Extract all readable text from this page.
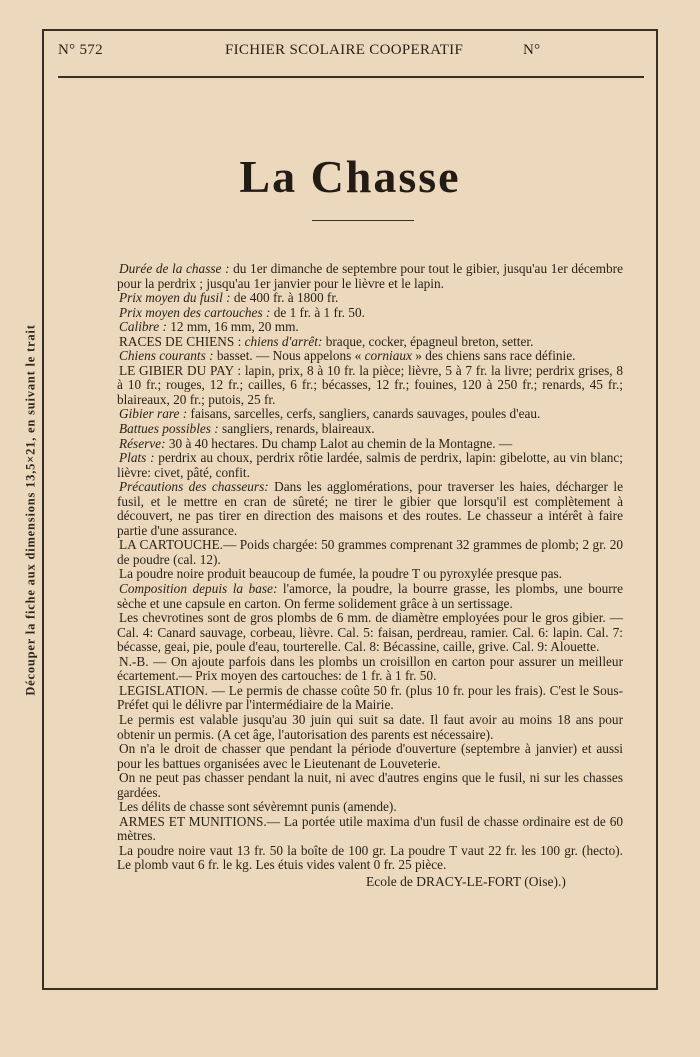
N° 572	FICHIER SCOLAIRE COOPERATIF	N°
La Chasse
Découper la fiche aux dimensions 13,5×21, en suivant le trait

Durée de la chasse : du 1er dimanche de septembre pour tout le gibier, jusqu'au 1er décembre pour la perdrix ; jusqu'au 1er janvier pour le lièvre et le lapin.

Prix moyen du fusil : de 400 fr. à 1800 fr.

Prix moyen des cartouches : de 1 fr. à 1 fr. 50.

Calibre : 12 mm, 16 mm, 20 mm.

RACES DE CHIENS : chiens d'arrêt: braque, cocker, épagneul breton, setter.

Chiens courants : basset. — Nous appelons « corniaux » des chiens sans race définie.

LE GIBIER DU PAY : lapin, prix, 8 à 10 fr. la pièce; lièvre, 5 à 7 fr. la livre; perdrix grises, 8 à 10 fr.; rouges, 12 fr.; cailles, 6 fr.; bécasses, 12 fr.; fouines, 120 à 250 fr.; renards, 45 fr.; blaireaux, 20 fr.; putois, 25 fr.

Gibier rare : faisans, sarcelles, cerfs, sangliers, canards sauvages, poules d'eau.

Battues possibles : sangliers, renards, blaireaux.

Réserve: 30 à 40 hectares. Du champ Lalot au chemin de la Montagne. —

Plats : perdrix au choux, perdrix rôtie lardée, salmis de perdrix, lapin: gibelotte, au vin blanc; lièvre: civet, pâté, confit.

Précautions des chasseurs: Dans les agglomérations, pour traverser les haies, décharger le fusil, et le mettre en cran de sûreté; ne tirer le gibier que lorsqu'il est complètement à découvert, ne pas tirer en direction des maisons et des routes. Le chasseur a intérêt à faire partie d'une assurance.

LA CARTOUCHE.— Poids chargée: 50 grammes comprenant 32 grammes de plomb; 2 gr. 20 de poudre (cal. 12).

La poudre noire produit beaucoup de fumée, la poudre T ou pyroxylée presque pas.

Composition depuis la base: l'amorce, la poudre, la bourre grasse, les plombs, une bourre sèche et une capsule en carton. On ferme solidement grâce à un sertissage.

Les chevrotines sont de gros plombs de 6 mm. de diamètre employées pour le gros gibier. — Cal. 4: Canard sauvage, corbeau, lièvre. Cal. 5: faisan, perdreau, ramier. Cal. 6: lapin. Cal. 7: bécasse, geai, pie, poule d'eau, tourterelle. Cal. 8: Bécassine, caille, grive. Cal. 9: Alouette.

N.-B. — On ajoute parfois dans les plombs un croisillon en carton pour assurer un meilleur écartement.— Prix moyen des cartouches: de 1 fr. à 1 fr. 50.

LEGISLATION. — Le permis de chasse coûte 50 fr. (plus 10 fr. pour les frais). C'est le Sous-Préfet qui le délivre par l'intermédiaire de la Mairie.

Le permis est valable jusqu'au 30 juin qui suit sa date. Il faut avoir au moins 18 ans pour obtenir un permis. (A cet âge, l'autorisation des parents est nécessaire).

On n'a le droit de chasser que pendant la période d'ouverture (septembre à janvier) et aussi pour les battues organisées avec le Lieutenant de Louveterie.

On ne peut pas chasser pendant la nuit, ni avec d'autres engins que le fusil, ni sur les chasses gardées.

Les délits de chasse sont sévèremnt punis (amende).

ARMES ET MUNITIONS.— La portée utile maxima d'un fusil de chasse ordinaire est de 60 mètres.

La poudre noire vaut 13 fr. 50 la boîte de 100 gr. La poudre T vaut 22 fr. les 100 gr. (hecto). Le plomb vaut 6 fr. le kg. Les étuis vides valent 0 fr. 25 pièce.

Ecole de DRACY-LE-FORT (Oise).)
